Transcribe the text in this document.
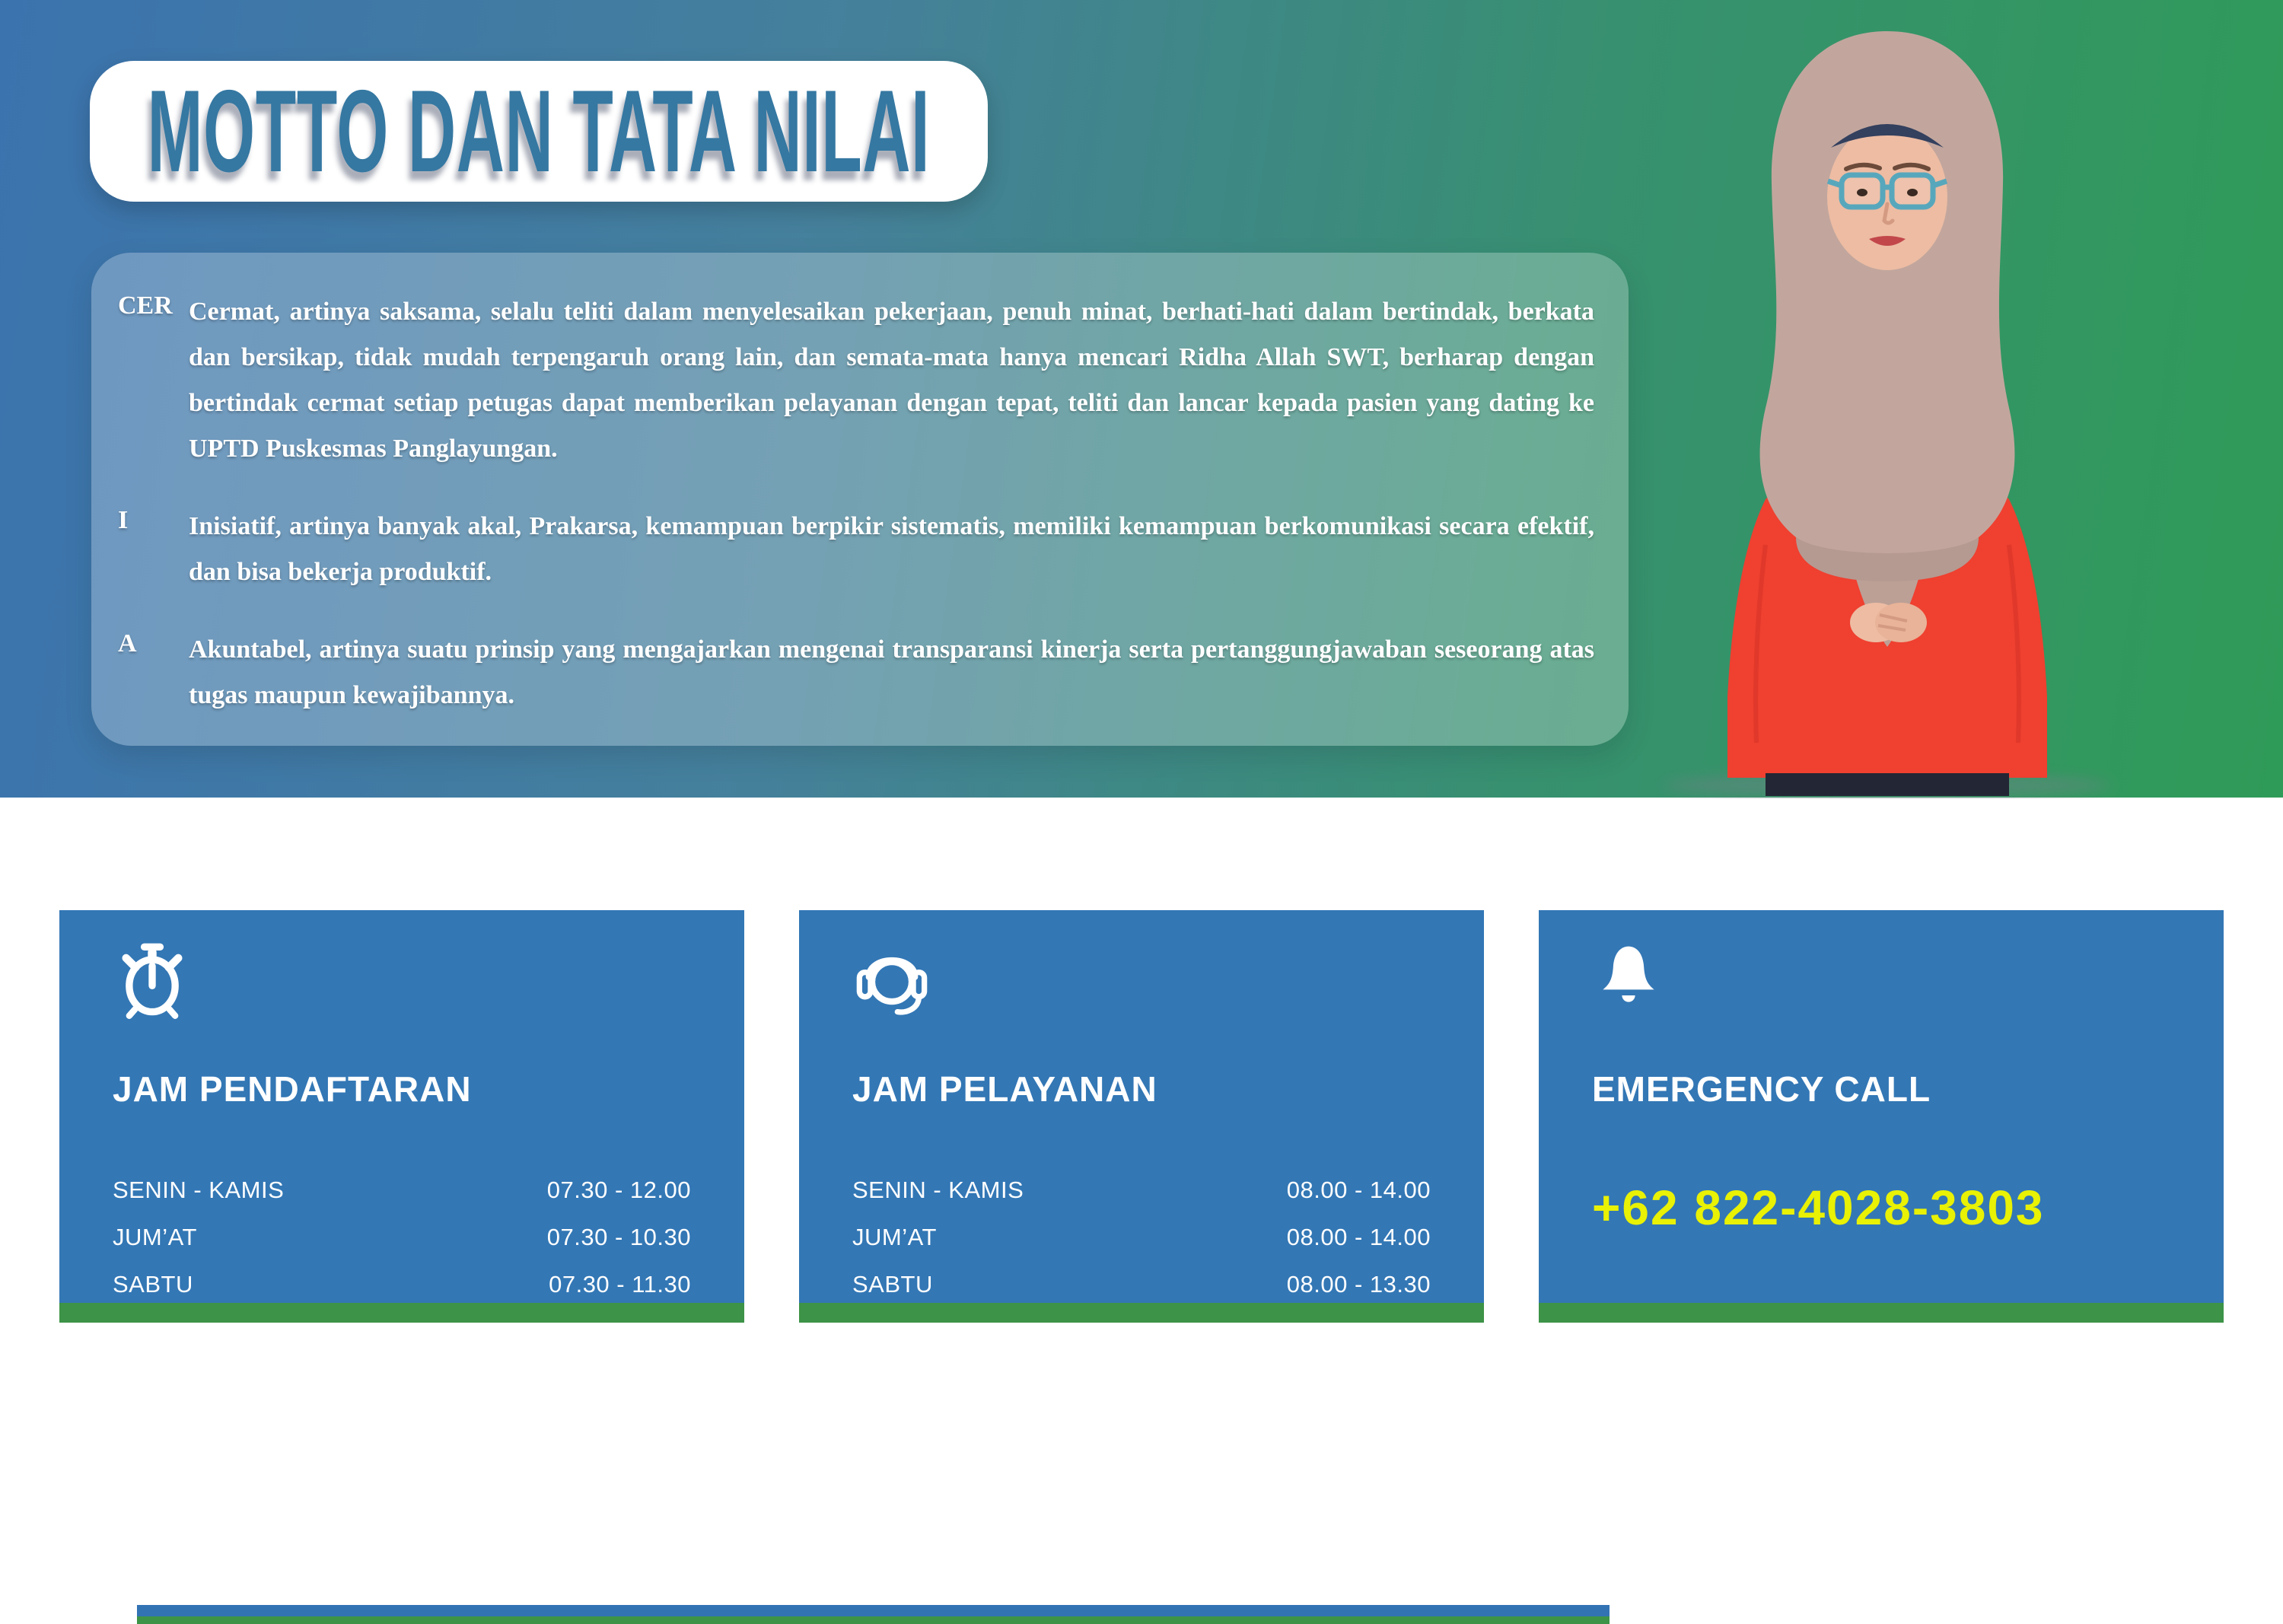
MOTTO DAN TATA NILAI
CER Cermat, artinya saksama, selalu teliti dalam menyelesaikan pekerjaan, penuh minat, berhati-hati dalam bertindak, berkata dan bersikap, tidak mudah terpengaruh orang lain, dan semata-mata hanya mencari Ridha Allah SWT, berharap dengan bertindak cermat setiap petugas dapat memberikan pelayanan dengan tepat, teliti dan lancar kepada pasien yang dating ke UPTD Puskesmas Panglayungan.
I	Inisiatif, artinya banyak akal, Prakarsa, kemampuan berpikir sistematis, memiliki kemampuan berkomunikasi secara efektif, dan bisa bekerja produktif.
A	Akuntabel, artinya suatu prinsip yang mengajarkan mengenai transparansi kinerja serta pertanggungjawaban seseorang atas tugas maupun kewajibannya.
JAM PENDAFTARAN
SENIN - KAMIS	07.30 - 12.00
JUM’AT	07.30 - 10.30
SABTU	07.30 - 11.30
JAM PELAYANAN
SENIN - KAMIS	08.00 - 14.00
JUM’AT	08.00 - 14.00
SABTU	08.00 - 13.30
EMERGENCY CALL
+62 822-4028-3803
